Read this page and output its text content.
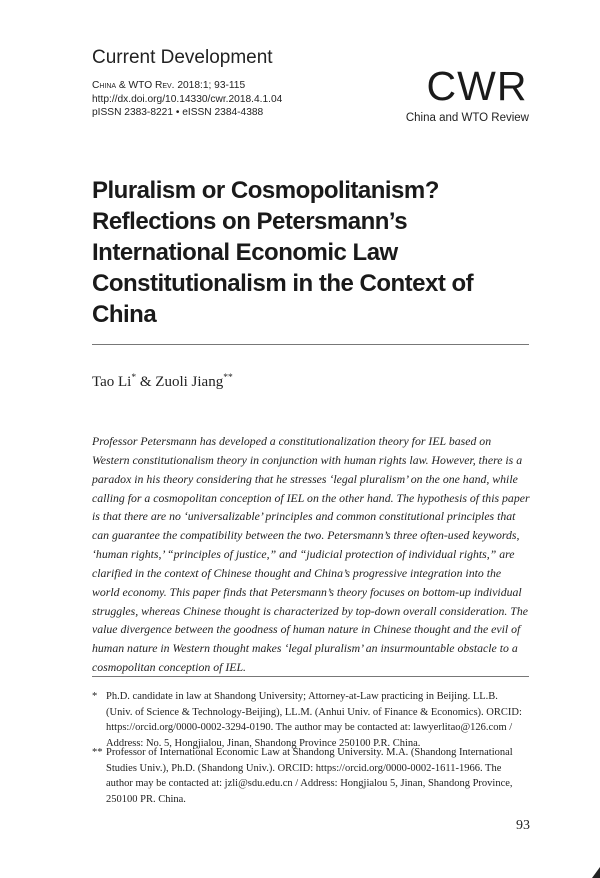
Current Development
China & WTO Rev. 2018:1; 93-115
http://dx.doi.org/10.14330/cwr.2018.4.1.04
pISSN 2383-8221 • eISSN 2384-4388
CWR
China and WTO Review
Pluralism or Cosmopolitanism?
Reflections on Petersmann’s
International Economic Law
Constitutionalism in the Context of
China
Tao Li* & Zuoli Jiang**

Professor Petersmann has developed a constitutionalization theory for IEL based on
Western constitutionalism theory in conjunction with human rights law. However, there is a
paradox in his theory considering that he stresses ‘legal pluralism’ on the one hand, while
calling for a cosmopolitan conception of IEL on the other hand. The hypothesis of this paper
is that there are no ‘universalizable’ principles and common constitutional principles that
can guarantee the compatibility between the two. Petersmann’s three often-used keywords,
‘human rights,’ “principles of justice,” and “judicial protection of individual rights,” are
clarified in the context of Chinese thought and China’s progressive integration into the
world economy. This paper finds that Petersmann’s theory focuses on bottom-up individual
struggles, whereas Chinese thought is characterized by top-down overall consideration. The
value divergence between the goodness of human nature in Chinese thought and the evil of
human nature in Western thought makes ‘legal pluralism’ an insurmountable obstacle to a
cosmopolitan conception of IEL.

* Ph.D. candidate in law at Shandong University; Attorney-at-Law practicing in Beijing. LL.B.
(Univ. of Science & Technology-Beijing), LL.M. (Anhui Univ. of Finance & Economics). ORCID:
https://orcid.org/0000-0002-3294-0190. The author may be contacted at: lawyerlitao@126.com /
Address: No. 5, Hongjialou, Jinan, Shandong Province 250100 P.R. China.
** Professor of International Economic Law at Shandong University. M.A. (Shandong International
Studies Univ.), Ph.D. (Shandong Univ.). ORCID: https://orcid.org/0000-0002-1611-1966. The
author may be contacted at: jzli@sdu.edu.cn / Address: Hongjialou 5, Jinan, Shandong Province,
250100 PR. China.
93
